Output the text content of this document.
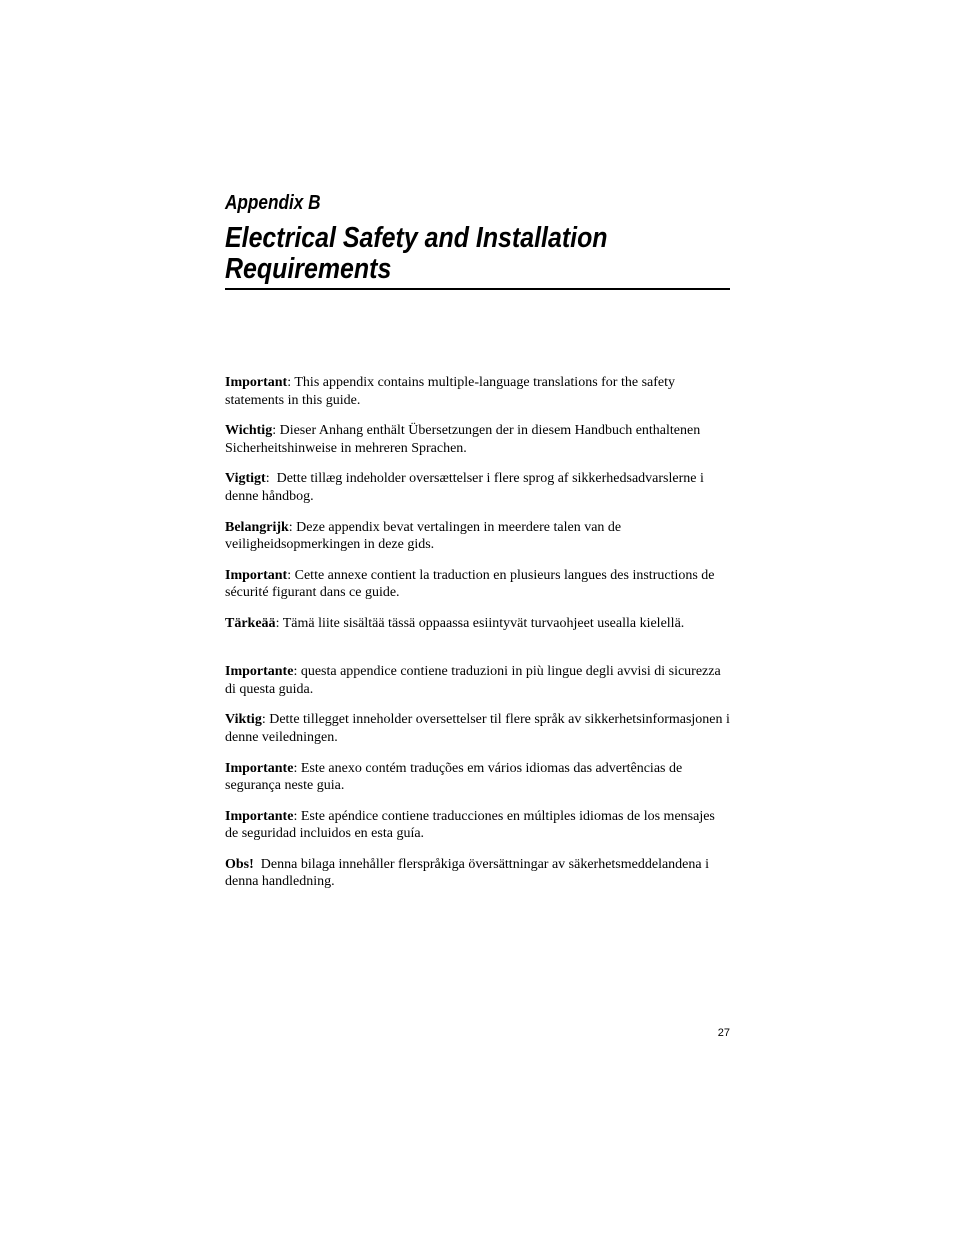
Appendix B
Electrical Safety and Installation Requirements

Important: This appendix contains multiple-language translations for the safety statements in this guide.

Wichtig: Dieser Anhang enthält Übersetzungen der in diesem Handbuch enthaltenen Sicherheitshinweise in mehreren Sprachen.

Vigtigt:  Dette tillæg indeholder oversættelser i flere sprog af sikkerhedsadvarslerne i denne håndbog.

Belangrijk: Deze appendix bevat vertalingen in meerdere talen van de veiligheidsopmerkingen in deze gids.

Important: Cette annexe contient la traduction en plusieurs langues des instructions de sécurité figurant dans ce guide.

Tärkeää: Tämä liite sisältää tässä oppaassa esiintyvät turvaohjeet usealla kielellä.

Importante: questa appendice contiene traduzioni in più lingue degli avvisi di sicurezza di questa guida.

Viktig: Dette tillegget inneholder oversettelser til flere språk av sikkerhetsinformasjonen i denne veiledningen.

Importante: Este anexo contém traduções em vários idiomas das advertências de segurança neste guia.

Importante: Este apéndice contiene traducciones en múltiples idiomas de los mensajes de seguridad incluidos en esta guía.

Obs! Denna bilaga innehåller flerspråkiga översättningar av säkerhetsmeddelandena i denna handledning.

27
